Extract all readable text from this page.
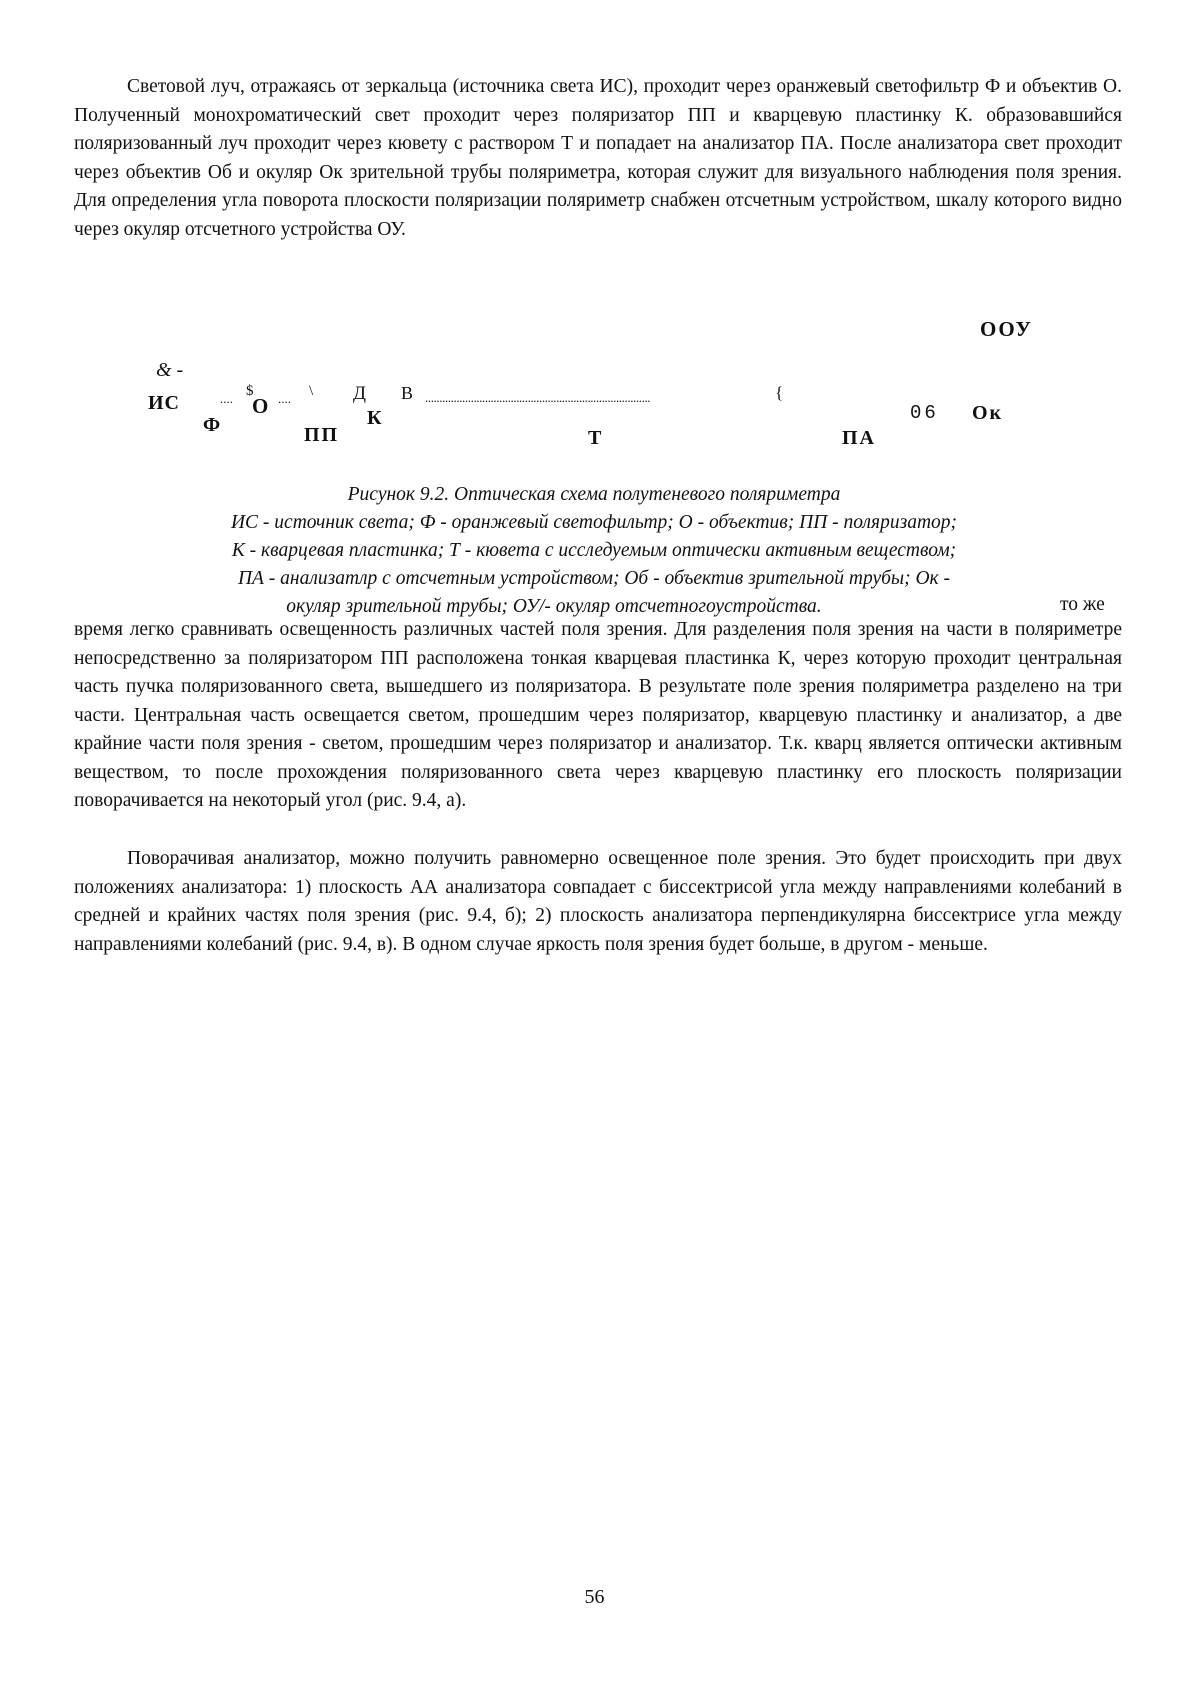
Световой луч, отражаясь от зеркальца (источника света ИС), проходит через оранжевый светофильтр Ф и объектив О. Полученный монохроматический свет проходит через поляризатор ПП и кварцевую пластинку К. образовавшийся поляризованный луч проходит через кювету с раствором Т и попадает на анализатор ПА. После анализатора свет проходит через объектив Об и окуляр Ок зрительной трубы поляриметра, которая служит для визуального наблюдения поля зрения. Для определения угла поворота плоскости поляризации поляриметр снабжен отсчетным устройством, шкалу которого видно через окуляр отсчетного устройства ОУ.

ООУ
& -
ИС	.... $
О .... \ Д В ...............................................................................	{
06 Ок
Ф	ПП
К
Т	ПА
Рисунок 9.2. Оптическая схема полутеневого поляриметра
ИС - источник света; Ф - оранжевый светофильтр; О - объектив; ПП - поляризатор;
К - кварцевая пластинка; Т - кювета с исследуемым оптически активным веществом;
ПА - анализатлр с отсчетным устройством; Об - объектив зрительной трубы; Ок -
окуляр зрительной трубы; ОУ/- окуляр отсчетногоустройства.	то же

время легко сравнивать освещенность различных частей поля зрения. Для разделения поля зрения на части в поляриметре непосредственно за поляризатором ПП расположена тонкая кварцевая пластинка К, через которую проходит центральная часть пучка поляризованного света, вышедшего из поляризатора. В результате поле зрения поляриметра разделено на три части. Центральная часть освещается светом, прошедшим через поляризатор, кварцевую пластинку и анализатор, а две крайние части поля зрения - светом, прошедшим через поляризатор и анализатор. Т.к. кварц является оптически активным веществом, то после прохождения поляризованного света через кварцевую пластинку его плоскость поляризации поворачивается на некоторый угол (рис. 9.4, а).

Поворачивая анализатор, можно получить равномерно освещенное поле зрения. Это будет происходить при двух положениях анализатора: 1) плоскость АА анализатора совпадает с биссектрисой угла между направлениями колебаний в средней и крайних частях поля зрения (рис. 9.4, б); 2) плоскость анализатора перпендикулярна биссектрисе угла между направлениями колебаний (рис. 9.4, в). В одном случае яркость поля зрения будет больше, в другом - меньше.

56
